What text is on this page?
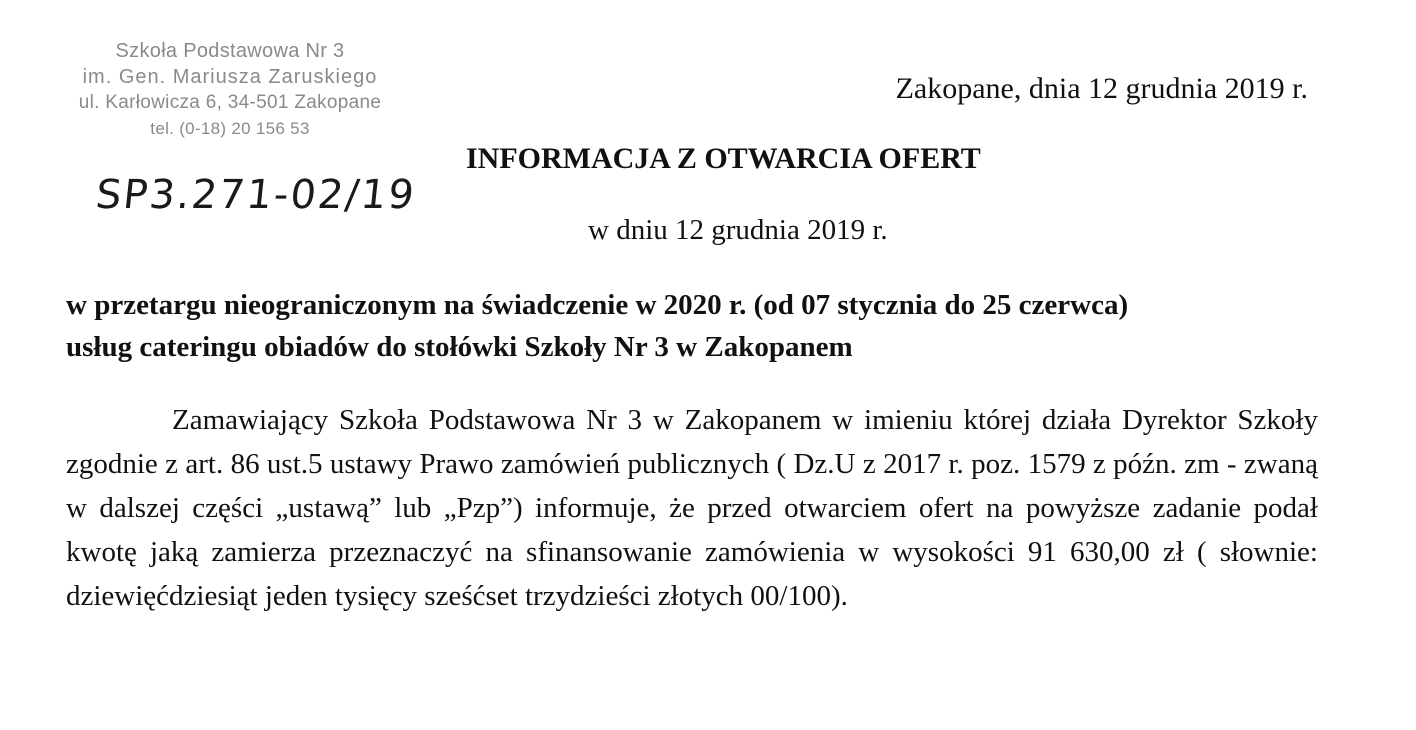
Szkoła Podstawowa Nr 3
im. Gen. Mariusza Zaruskiego
ul. Karłowicza 6, 34-501 Zakopane
tel. (0-18) 20 156 53
SP3.271-02/19
Zakopane, dnia 12 grudnia 2019 r.
INFORMACJA Z OTWARCIA OFERT
w dniu 12 grudnia 2019 r.
w przetargu nieograniczonym na świadczenie w 2020 r. (od 07 stycznia do 25 czerwca)
usług cateringu obiadów do stołówki Szkoły Nr 3 w Zakopanem
Zamawiający Szkoła Podstawowa Nr 3 w Zakopanem w imieniu której działa Dyrektor Szkoły zgodnie z art. 86 ust.5 ustawy Prawo zamówień publicznych ( Dz.U z 2017 r. poz. 1579 z późn. zm - zwaną w dalszej części „ustawą” lub „Pzp”) informuje, że przed otwarciem ofert na powyższe zadanie podał kwotę jaką zamierza przeznaczyć na sfinansowanie zamówienia w wysokości 91 630,00 zł ( słownie: dziewięćdziesiąt jeden tysięcy sześćset trzydzieści złotych 00/100).
